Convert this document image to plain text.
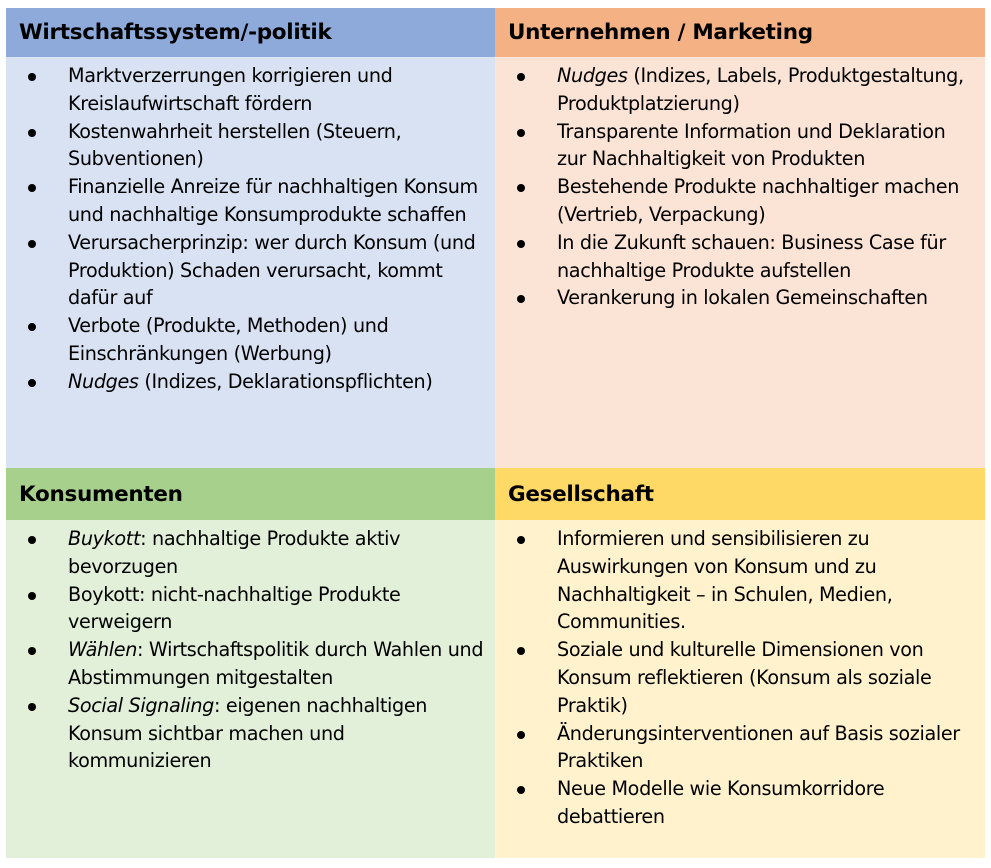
Wirtschaftssystem/-politik
Marktverzerrungen korrigieren und Kreislaufwirtschaft fördern
Kostenwahrheit herstellen (Steuern, Subventionen)
Finanzielle Anreize für nachhaltigen Konsum und nachhaltige Konsumprodukte schaffen
Verursacherprinzip: wer durch Konsum (und Produktion) Schaden verursacht, kommt dafür auf
Verbote (Produkte, Methoden) und Einschränkungen (Werbung)
Nudges (Indizes, Deklarationspflichten)
Unternehmen / Marketing
Nudges (Indizes, Labels, Produktgestaltung, Produktplatzierung)
Transparente Information und Deklaration zur Nachhaltigkeit von Produkten
Bestehende Produkte nachhaltiger machen (Vertrieb, Verpackung)
In die Zukunft schauen: Business Case für nachhaltige Produkte aufstellen
Verankerung in lokalen Gemeinschaften
Konsumenten
Buykott: nachhaltige Produkte aktiv bevorzugen
Boykott: nicht-nachhaltige Produkte verweigern
Wählen: Wirtschaftspolitik durch Wahlen und Abstimmungen mitgestalten
Social Signaling: eigenen nachhaltigen Konsum sichtbar machen und kommunizieren
Gesellschaft
Informieren und sensibilisieren zu Auswirkungen von Konsum und zu Nachhaltigkeit – in Schulen, Medien, Communities.
Soziale und kulturelle Dimensionen von Konsum reflektieren (Konsum als soziale Praktik)
Änderungsinterventionen auf Basis sozialer Praktiken
Neue Modelle wie Konsumkorridore debattieren
